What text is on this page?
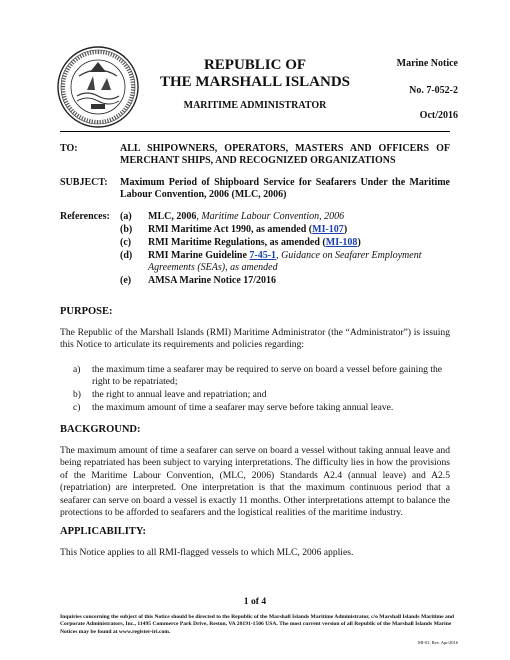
REPUBLIC OF
THE MARSHALL ISLANDS
MARITIME ADMINISTRATOR
Marine Notice
No. 7-052-2
Oct/2016
TO:	ALL SHIPOWNERS, OPERATORS, MASTERS AND OFFICERS OF MERCHANT SHIPS, AND RECOGNIZED ORGANIZATIONS
SUBJECT: Maximum Period of Shipboard Service for Seafarers Under the Maritime Labour Convention, 2006 (MLC, 2006)
References: (a) MLC, 2006, Maritime Labour Convention, 2006
(b) RMI Maritime Act 1990, as amended (MI-107)
(c) RMI Maritime Regulations, as amended (MI-108)
(d) RMI Marine Guideline 7-45-1, Guidance on Seafarer Employment Agreements (SEAs), as amended
(e) AMSA Marine Notice 17/2016
PURPOSE:
The Republic of the Marshall Islands (RMI) Maritime Administrator (the “Administrator”) is issuing this Notice to articulate its requirements and policies regarding:
a) the maximum time a seafarer may be required to serve on board a vessel before gaining the right to be repatriated;
b) the right to annual leave and repatriation; and
c) the maximum amount of time a seafarer may serve before taking annual leave.
BACKGROUND:
The maximum amount of time a seafarer can serve on board a vessel without taking annual leave and being repatriated has been subject to varying interpretations. The difficulty lies in how the provisions of the Maritime Labour Convention, (MLC, 2006) Standards A2.4 (annual leave) and A2.5 (repatriation) are interpreted. One interpretation is that the maximum continuous period that a seafarer can serve on board a vessel is exactly 11 months. Other interpretations attempt to balance the protections to be afforded to seafarers and the logistical realities of the maritime industry.
APPLICABILITY:
This Notice applies to all RMI-flagged vessels to which MLC, 2006 applies.
1 of 4
Inquiries concerning the subject of this Notice should be directed to the Republic of the Marshall Islands Maritime Administrator, c/o Marshall Islands Maritime and Corporate Administrators, Inc., 11495 Commerce Park Drive, Reston, VA 20191-1506 USA. The most current version of all Republic of the Marshall Islands Marine Notices may be found at www.register-iri.com.
MI-01, Rev. Apr/2016
